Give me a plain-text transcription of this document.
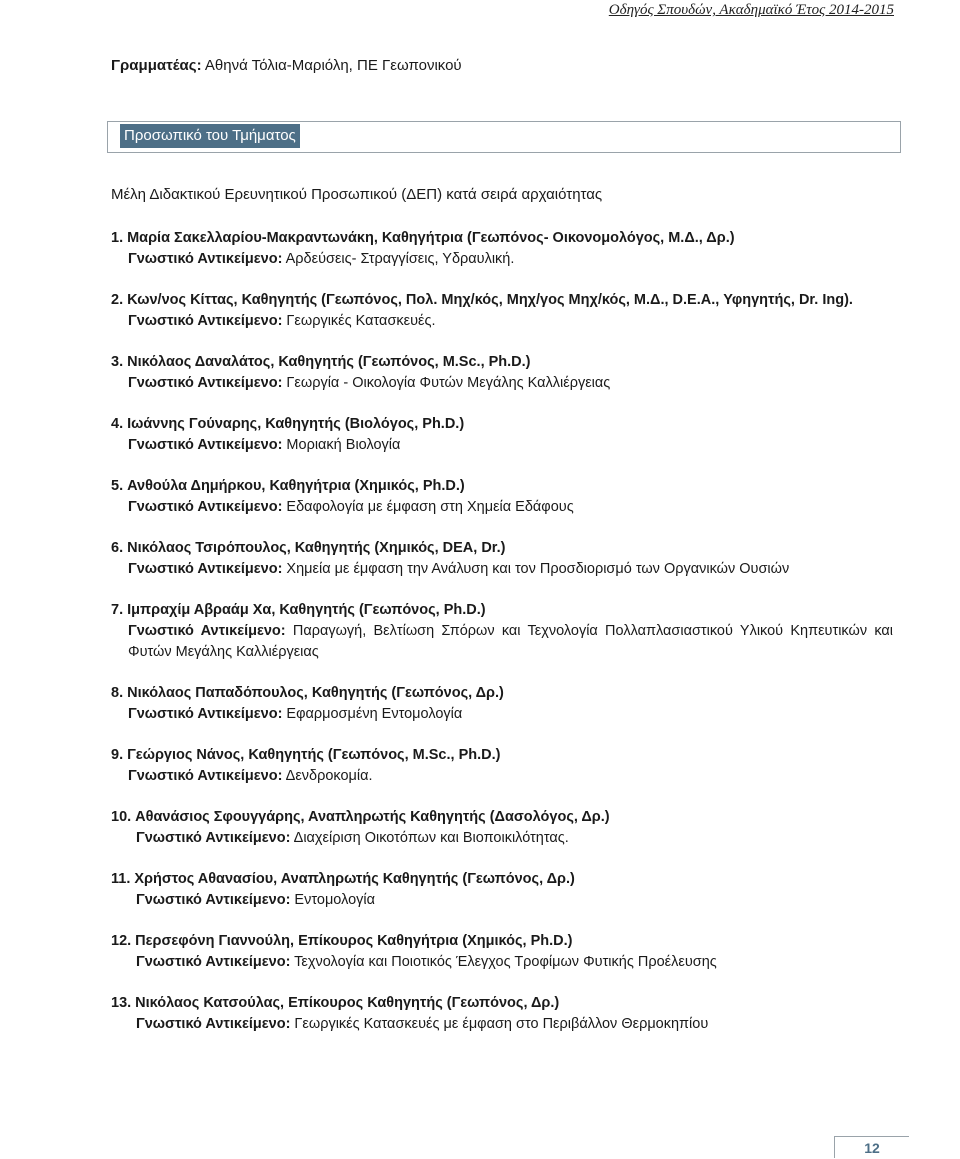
Οδηγός Σπουδών, Ακαδημαϊκό Έτος 2014-2015
Γραμματέας: Αθηνά Τόλια-Μαριόλη, ΠΕ Γεωπονικού
Προσωπικό του Τμήματος
Μέλη Διδακτικού Ερευνητικού Προσωπικού (ΔΕΠ) κατά σειρά αρχαιότητας
1. Μαρία Σακελλαρίου-Μακραντωνάκη, Καθηγήτρια (Γεωπόνος- Οικονομολόγος, Μ.Δ., Δρ.)
Γνωστικό Αντικείμενο: Αρδεύσεις- Στραγγίσεις, Υδραυλική.
2. Κων/νος Κίττας, Καθηγητής (Γεωπόνος, Πολ. Μηχ/κός, Μηχ/γος Μηχ/κός, Μ.Δ., D.E.A., Υφηγητής, Dr. Ing).
Γνωστικό Αντικείμενο: Γεωργικές Κατασκευές.
3. Νικόλαος Δαναλάτος, Καθηγητής (Γεωπόνος, M.Sc., Ph.D.)
Γνωστικό Αντικείμενο: Γεωργία - Οικολογία Φυτών Μεγάλης Καλλιέργειας
4. Ιωάννης Γούναρης, Καθηγητής (Βιολόγος, Ph.D.)
Γνωστικό Αντικείμενο: Μοριακή Βιολογία
5. Ανθούλα Δημήρκου, Καθηγήτρια (Χημικός, Ph.D.)
Γνωστικό Αντικείμενο: Εδαφολογία με έμφαση στη Χημεία Εδάφους
6. Νικόλαος Τσιρόπουλος, Καθηγητής (Χημικός, DEA, Dr.)
Γνωστικό Αντικείμενο: Χημεία με έμφαση την Ανάλυση και τον Προσδιορισμό των Οργανικών Ουσιών
7. Ιμπραχίμ Αβραάμ Χα, Καθηγητής (Γεωπόνος, Ph.D.)
Γνωστικό Αντικείμενο: Παραγωγή, Βελτίωση Σπόρων και Τεχνολογία Πολλαπλασιαστικού Υλικού Κηπευτικών και Φυτών Μεγάλης Καλλιέργειας
8. Νικόλαος Παπαδόπουλος, Καθηγητής (Γεωπόνος, Δρ.)
Γνωστικό Αντικείμενο: Εφαρμοσμένη Εντομολογία
9. Γεώργιος Νάνος, Καθηγητής (Γεωπόνος, M.Sc., Ph.D.)
Γνωστικό Αντικείμενο: Δενδροκομία.
10. Αθανάσιος Σφουγγάρης, Αναπληρωτής Καθηγητής (Δασολόγος, Δρ.)
Γνωστικό Αντικείμενο: Διαχείριση Οικοτόπων και Βιοποικιλότητας.
11. Χρήστος Αθανασίου, Αναπληρωτής Καθηγητής (Γεωπόνος, Δρ.)
Γνωστικό Αντικείμενο: Εντομολογία
12. Περσεφόνη Γιαννούλη, Επίκουρος Καθηγήτρια (Χημικός, Ph.D.)
Γνωστικό Αντικείμενο: Τεχνολογία και Ποιοτικός Έλεγχος Τροφίμων Φυτικής Προέλευσης
13. Νικόλαος Κατσούλας, Επίκουρος Καθηγητής (Γεωπόνος, Δρ.)
Γνωστικό Αντικείμενο: Γεωργικές Κατασκευές με έμφαση στο Περιβάλλον Θερμοκηπίου
12
